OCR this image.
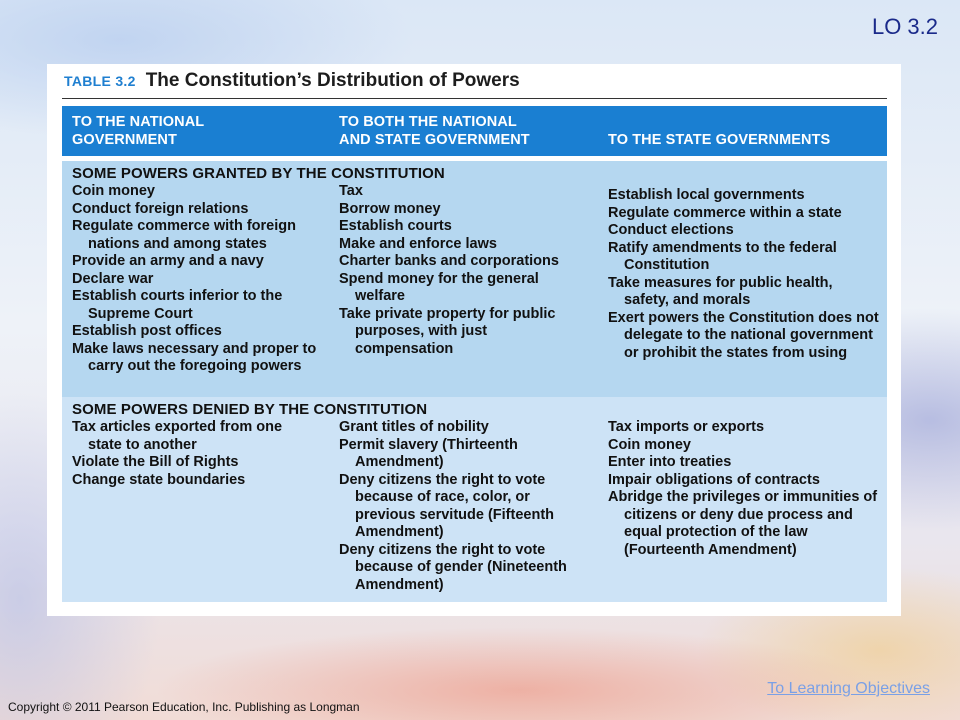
LO 3.2
TABLE 3.2 The Constitution’s Distribution of Powers
TO THE NATIONAL
GOVERNMENT
TO BOTH THE NATIONAL
AND STATE GOVERNMENT	TO THE STATE GOVERNMENTS
SOME POWERS GRANTED BY THE CONSTITUTION
Coin money
Conduct foreign relations
Regulate commerce with foreign nations and among states
Provide an army and a navy
Declare war
Establish courts inferior to the Supreme Court
Establish post offices
Make laws necessary and proper to carry out the foregoing powers
Tax
Borrow money
Establish courts
Make and enforce laws
Charter banks and corporations
Spend money for the general welfare
Take private property for public purposes, with just compensation
Establish local governments
Regulate commerce within a state
Conduct elections
Ratify amendments to the federal Constitution
Take measures for public health, safety, and morals
Exert powers the Constitution does not delegate to the national government or prohibit the states from using
SOME POWERS DENIED BY THE CONSTITUTION
Tax articles exported from one state to another
Violate the Bill of Rights
Change state boundaries
Grant titles of nobility
Permit slavery (Thirteenth Amendment)
Deny citizens the right to vote because of race, color, or previous servitude (Fifteenth Amendment)
Deny citizens the right to vote because of gender (Nineteenth Amendment)
Tax imports or exports
Coin money
Enter into treaties
Impair obligations of contracts
Abridge the privileges or immunities of citizens or deny due process and equal protection of the law (Fourteenth Amendment)
To Learning Objectives
Copyright © 2011 Pearson Education, Inc. Publishing as Longman
